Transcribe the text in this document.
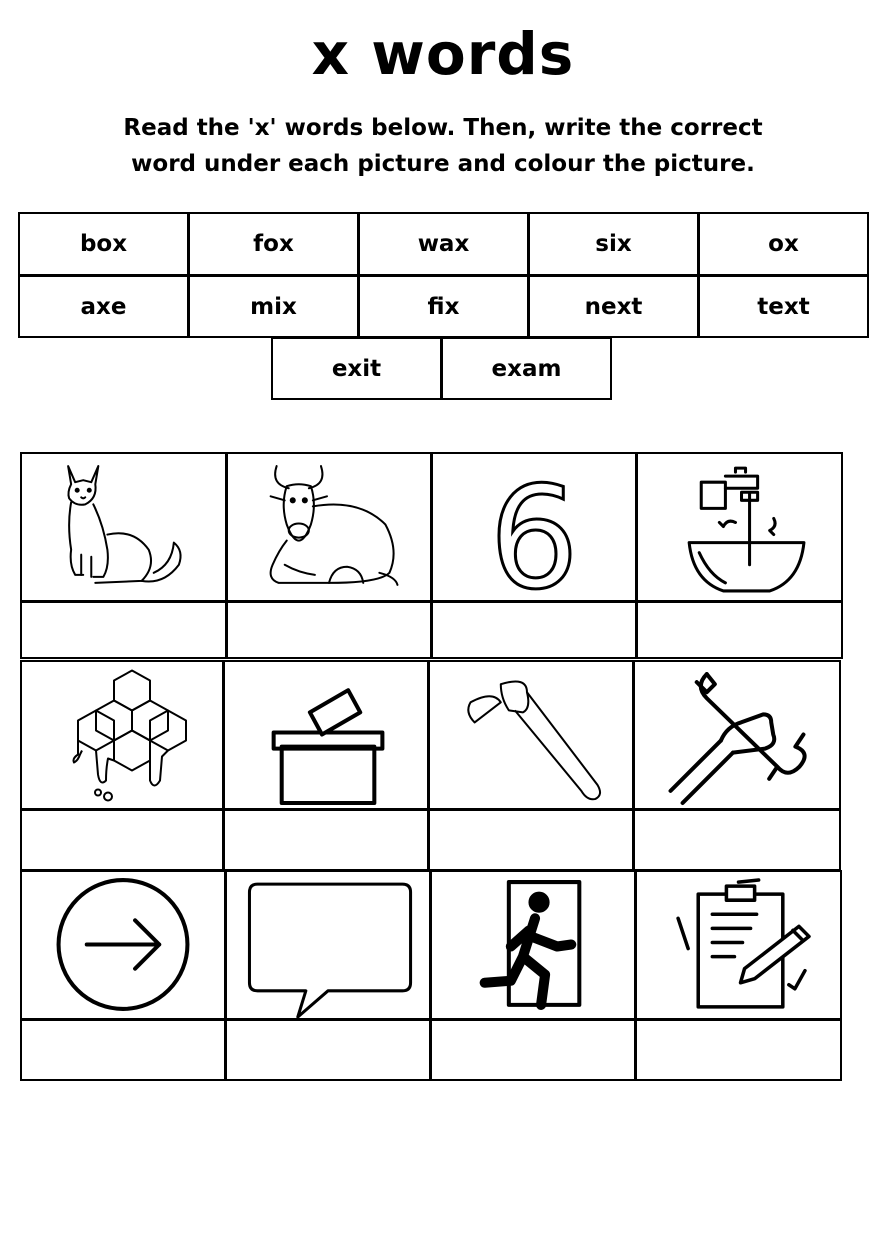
x words
Read the 'x' words below. Then, write the correct word under each picture and colour the picture.
box	fox	wax	six	ox
axe	mix	fix	next	text
exit	exam
6
